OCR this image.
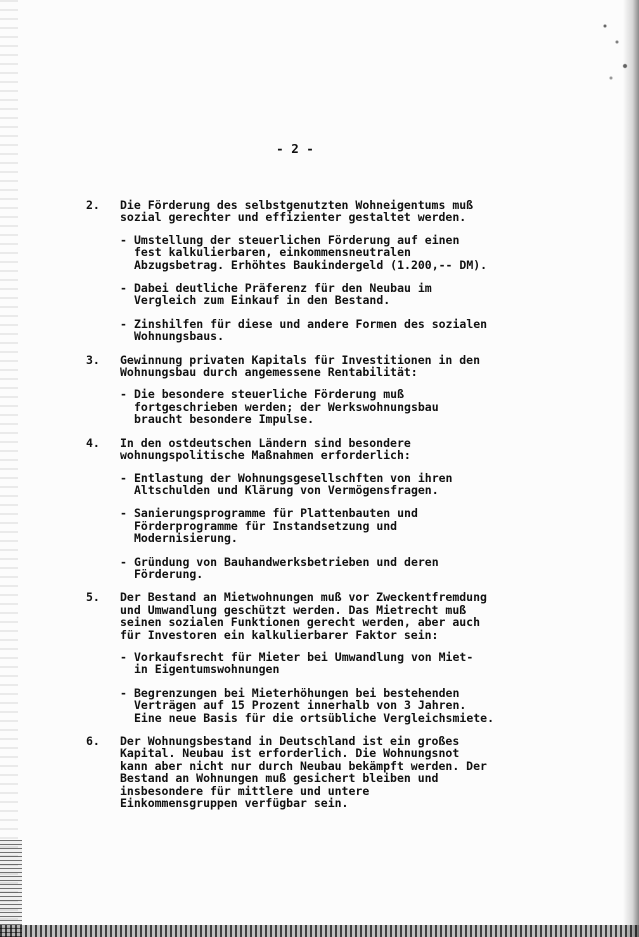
- 2 -
2.	Die Förderung des selbstgenutzten Wohneigentums muß
sozial gerechter und effizienter gestaltet werden.
- Umstellung der steuerlichen Förderung auf einen
fest kalkulierbaren, einkommensneutralen
Abzugsbetrag. Erhöhtes Baukindergeld (1.200,-- DM).
- Dabei deutliche Präferenz für den Neubau im
Vergleich zum Einkauf in den Bestand.
- Zinshilfen für diese und andere Formen des sozialen
Wohnungsbaus.
3.	Gewinnung privaten Kapitals für Investitionen in den
Wohnungsbau durch angemessene Rentabilität:
- Die besondere steuerliche Förderung muß
fortgeschrieben werden; der Werkswohnungsbau
braucht besondere Impulse.
4.	In den ostdeutschen Ländern sind besondere
wohnungspolitische Maßnahmen erforderlich:
- Entlastung der Wohnungsgesellschften von ihren
Altschulden und Klärung von Vermögensfragen.
- Sanierungsprogramme für Plattenbauten und
Förderprogramme für Instandsetzung und
Modernisierung.
- Gründung von Bauhandwerksbetrieben und deren
Förderung.
5.	Der Bestand an Mietwohnungen muß vor Zweckentfremdung
und Umwandlung geschützt werden. Das Mietrecht muß
seinen sozialen Funktionen gerecht werden, aber auch
für Investoren ein kalkulierbarer Faktor sein:
- Vorkaufsrecht für Mieter bei Umwandlung von Miet-
in Eigentumswohnungen
- Begrenzungen bei Mieterhöhungen bei bestehenden
Verträgen auf 15 Prozent innerhalb von 3 Jahren.
Eine neue Basis für die ortsübliche Vergleichsmiete.
6.	Der Wohnungsbestand in Deutschland ist ein großes
Kapital. Neubau ist erforderlich. Die Wohnungsnot
kann aber nicht nur durch Neubau bekämpft werden. Der
Bestand an Wohnungen muß gesichert bleiben und
insbesondere für mittlere und untere
Einkommensgruppen verfügbar sein.
